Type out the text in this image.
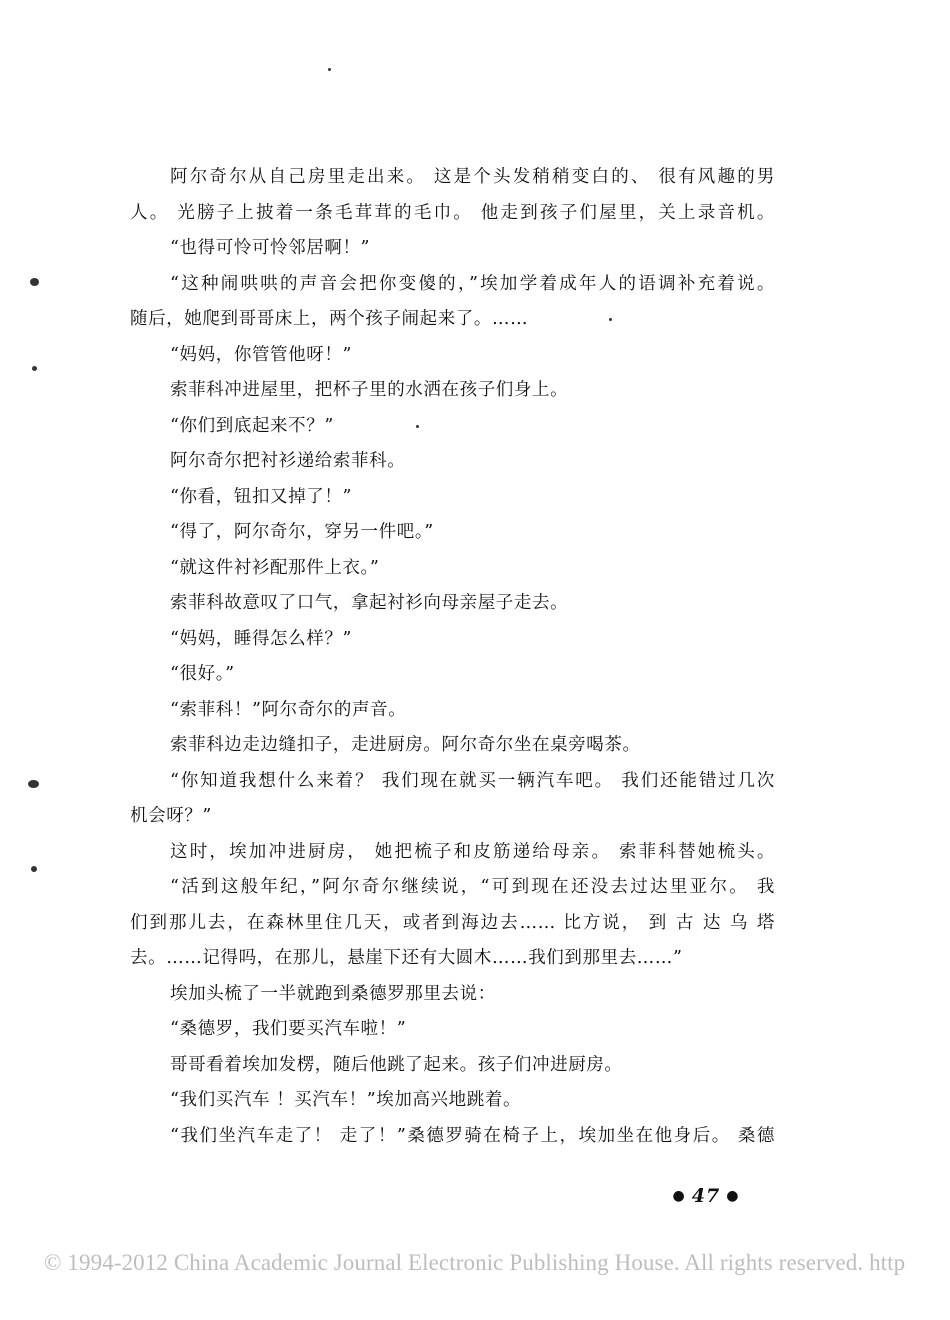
阿尔奇尔从自己房里走出来。 这是个头发稍稍变白的、 很有风趣的男
人。 光膀子上披着一条毛茸茸的毛巾。 他走到孩子们屋里，关上录音机。
“也得可怜可怜邻居啊！”
“这种闹哄哄的声音会把你变傻的，”埃加学着成年人的语调补充着说。
随后，她爬到哥哥床上，两个孩子闹起来了。……
“妈妈，你管管他呀！”
索菲科冲进屋里，把杯子里的水洒在孩子们身上。
“你们到底起来不？”
阿尔奇尔把衬衫递给索菲科。
“你看，钮扣又掉了！”
“得了，阿尔奇尔，穿另一件吧。”
“就这件衬衫配那件上衣。”
索菲科故意叹了口气，拿起衬衫向母亲屋子走去。
“妈妈，睡得怎么样？”
“很好。”
“索菲科！”阿尔奇尔的声音。
索菲科边走边缝扣子，走进厨房。阿尔奇尔坐在桌旁喝茶。
“你知道我想什么来着？ 我们现在就买一辆汽车吧。 我们还能错过几次
机会呀？”
这时，埃加冲进厨房， 她把梳子和皮筋递给母亲。 索菲科替她梳头。
“活到这般年纪，”阿尔奇尔继续说，“可到现在还没去过达里亚尔。 我
们到那儿去，在森林里住几天，或者到海边去…… 比方说， 到 古 达 乌 塔
去。……记得吗，在那儿，悬崖下还有大圆木……我们到那里去……”
埃加头梳了一半就跑到桑德罗那里去说：
“桑德罗，我们要买汽车啦！”
哥哥看着埃加发楞，随后他跳了起来。孩子们冲进厨房。
“我们买汽车 ！买汽车！”埃加高兴地跳着。
“我们坐汽车走了！ 走了！”桑德罗骑在椅子上，埃加坐在他身后。 桑德
● 47 ●
© 1994-2012 China Academic Journal Electronic Publishing House. All rights reserved. http
